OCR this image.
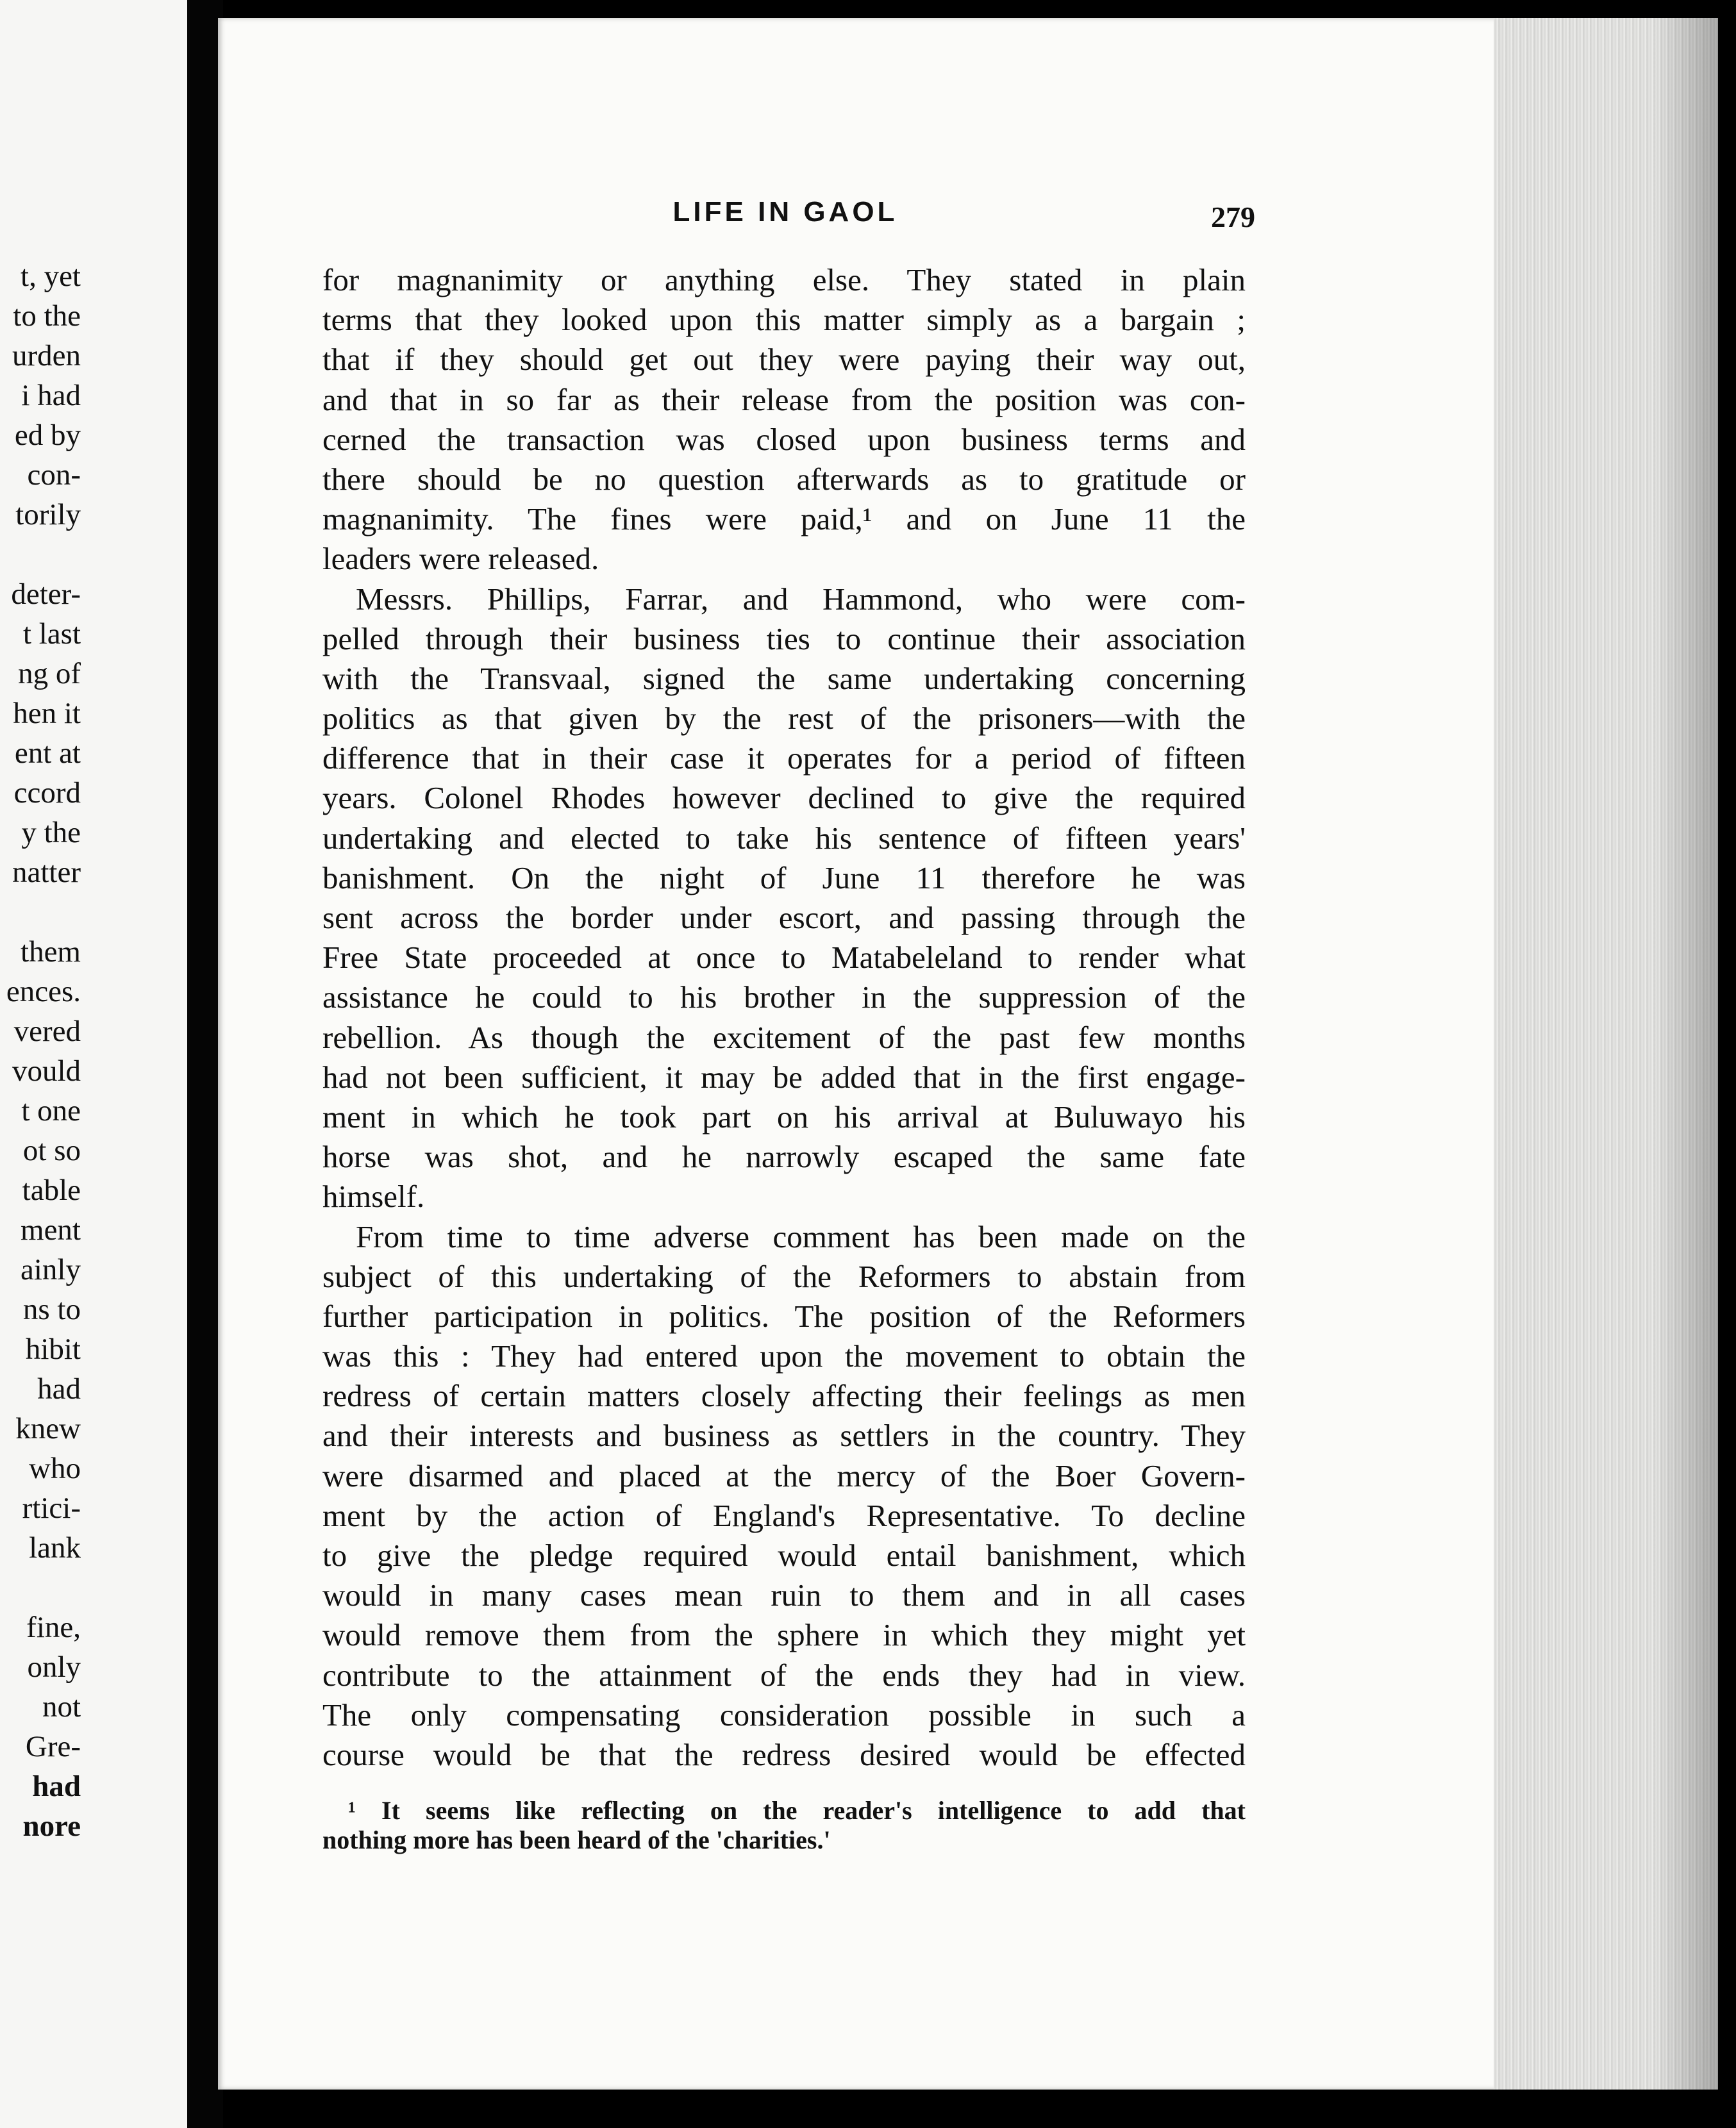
t, yet
to the
urden
i had
ed by
con-
torily
deter-
t last
ng of
hen it
ent at
ccord
y the
natter
them
ences.
vered
vould
t one
ot so
table
ment
ainly
ns to
hibit
had
knew
who
rtici-
lank
fine,
only
not
Gre-
had
nore
LIFE IN GAOL	279
for magnanimity or anything else. They stated in plain
terms that they looked upon this matter simply as a bargain ;
that if they should get out they were paying their way out,
and that in so far as their release from the position was con-
cerned the transaction was closed upon business terms and
there should be no question afterwards as to gratitude or
magnanimity. The fines were paid,¹ and on June 11 the
leaders were released.
Messrs. Phillips, Farrar, and Hammond, who were com-
pelled through their business ties to continue their association
with the Transvaal, signed the same undertaking concerning
politics as that given by the rest of the prisoners—with the
difference that in their case it operates for a period of fifteen
years. Colonel Rhodes however declined to give the required
undertaking and elected to take his sentence of fifteen years'
banishment. On the night of June 11 therefore he was
sent across the border under escort, and passing through the
Free State proceeded at once to Matabeleland to render what
assistance he could to his brother in the suppression of the
rebellion. As though the excitement of the past few months
had not been sufficient, it may be added that in the first engage-
ment in which he took part on his arrival at Buluwayo his
horse was shot, and he narrowly escaped the same fate
himself.
From time to time adverse comment has been made on the
subject of this undertaking of the Reformers to abstain from
further participation in politics. The position of the Reformers
was this : They had entered upon the movement to obtain the
redress of certain matters closely affecting their feelings as men
and their interests and business as settlers in the country. They
were disarmed and placed at the mercy of the Boer Govern-
ment by the action of England's Representative. To decline
to give the pledge required would entail banishment, which
would in many cases mean ruin to them and in all cases
would remove them from the sphere in which they might yet
contribute to the attainment of the ends they had in view.
The only compensating consideration possible in such a
course would be that the redress desired would be effected
¹ It seems like reflecting on the reader's intelligence to add that
nothing more has been heard of the 'charities.'
